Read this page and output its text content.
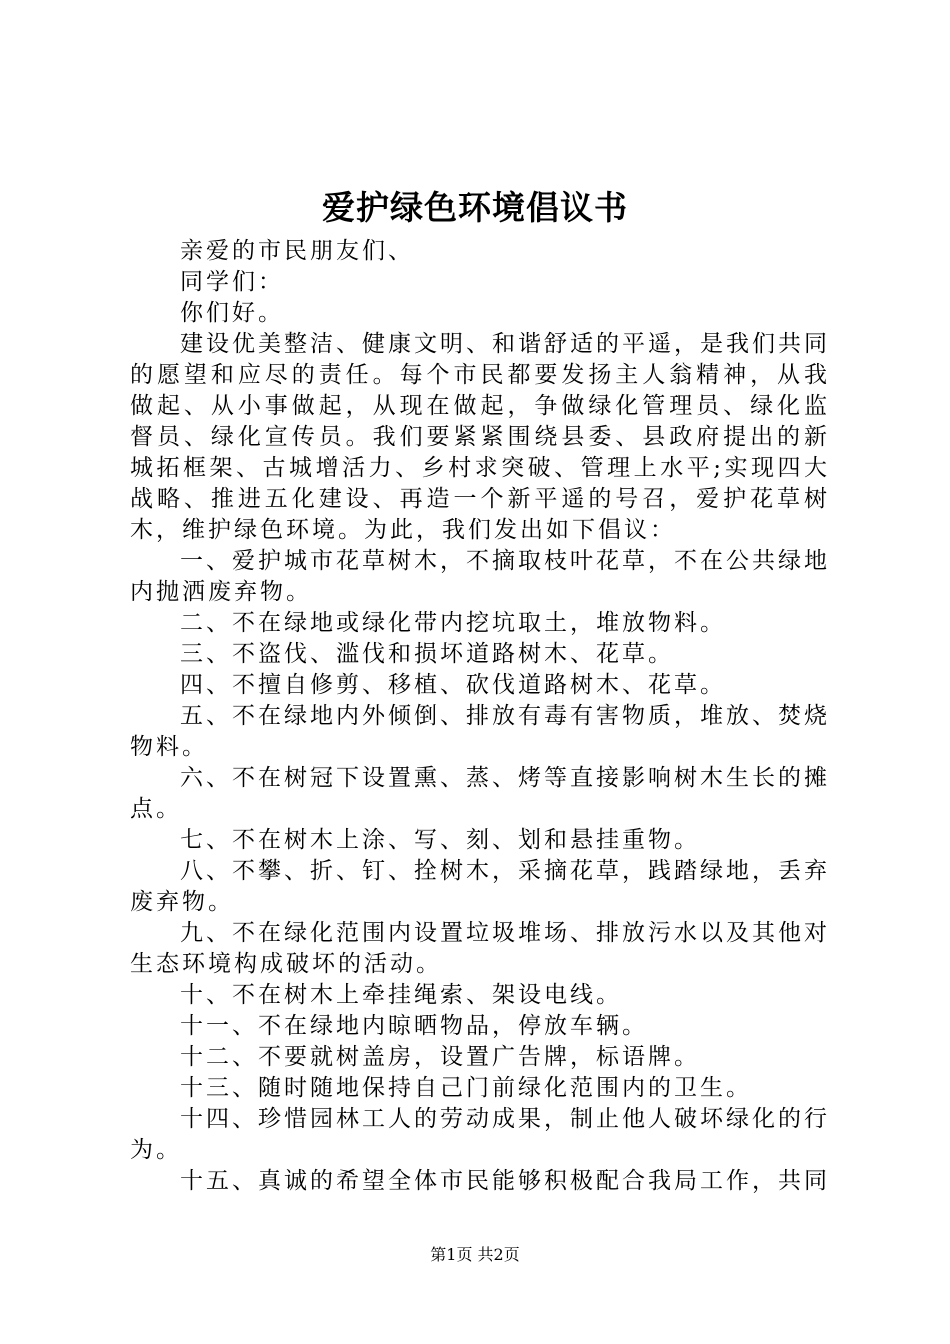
爱护绿色环境倡议书

亲爱的市民朋友们、

同学们：

你们好。

建设优美整洁、健康文明、和谐舒适的平遥，是我们共同的愿望和应尽的责任。每个市民都要发扬主人翁精神，从我做起、从小事做起，从现在做起，争做绿化管理员、绿化监督员、绿化宣传员。我们要紧紧围绕县委、县政府提出的新城拓框架、古城增活力、乡村求突破、管理上水平;实现四大战略、推进五化建设、再造一个新平遥的号召，爱护花草树木，维护绿色环境。为此，我们发出如下倡议：

一、爱护城市花草树木，不摘取枝叶花草，不在公共绿地内抛洒废弃物。

二、不在绿地或绿化带内挖坑取土，堆放物料。

三、不盗伐、滥伐和损坏道路树木、花草。

四、不擅自修剪、移植、砍伐道路树木、花草。

五、不在绿地内外倾倒、排放有毒有害物质，堆放、焚烧物料。

六、不在树冠下设置熏、蒸、烤等直接影响树木生长的摊点。

七、不在树木上涂、写、刻、划和悬挂重物。

八、不攀、折、钉、拴树木，采摘花草，践踏绿地，丢弃废弃物。

九、不在绿化范围内设置垃圾堆场、排放污水以及其他对生态环境构成破坏的活动。

十、不在树木上牵挂绳索、架设电线。

十一、不在绿地内晾晒物品，停放车辆。

十二、不要就树盖房，设置广告牌，标语牌。

十三、随时随地保持自己门前绿化范围内的卫生。

十四、珍惜园林工人的劳动成果，制止他人破坏绿化的行为。

十五、真诚的希望全体市民能够积极配合我局工作，共同

第1页 共2页
